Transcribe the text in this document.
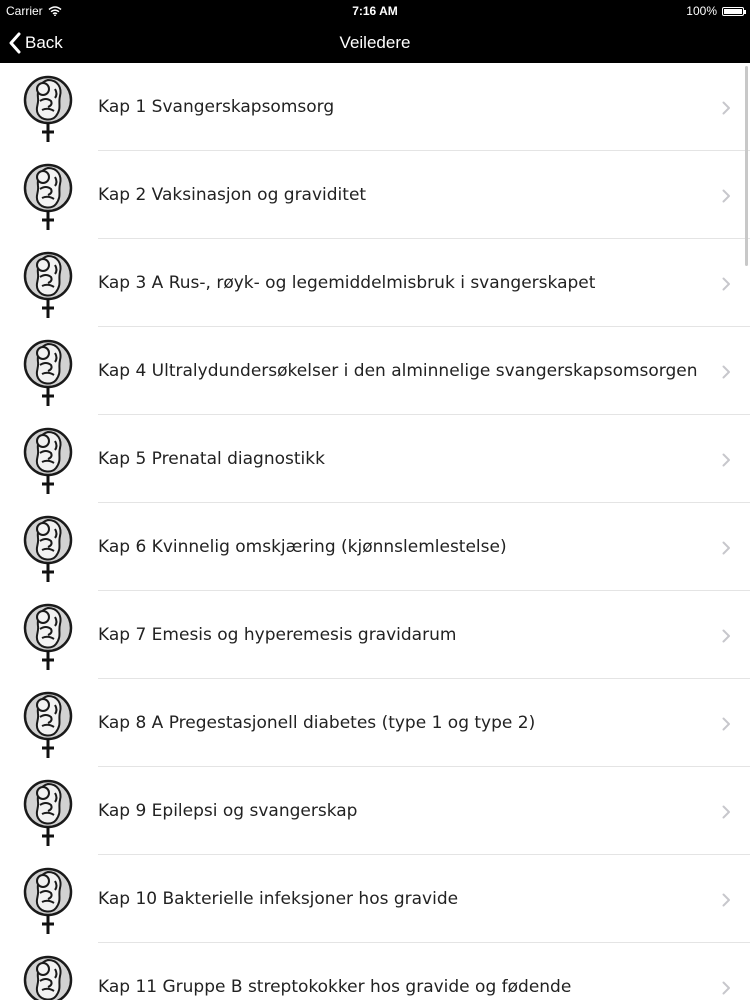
Carrier	7:16 AM	100%
Back	Veiledere
Kap 1 Svangerskapsomsorg
Kap 2 Vaksinasjon og graviditet
Kap 3 A Rus-, røyk- og legemiddelmisbruk i svangerskapet
Kap 4 Ultralydundersøkelser i den alminnelige svangerskapsomsorgen
Kap 5 Prenatal diagnostikk
Kap 6 Kvinnelig omskjæring (kjønnslemlestelse)
Kap 7 Emesis og hyperemesis gravidarum
Kap 8 A Pregestasjonell diabetes (type 1 og type 2)
Kap 9 Epilepsi og svangerskap
Kap 10 Bakterielle infeksjoner hos gravide
Kap 11 Gruppe B streptokokker hos gravide og fødende
